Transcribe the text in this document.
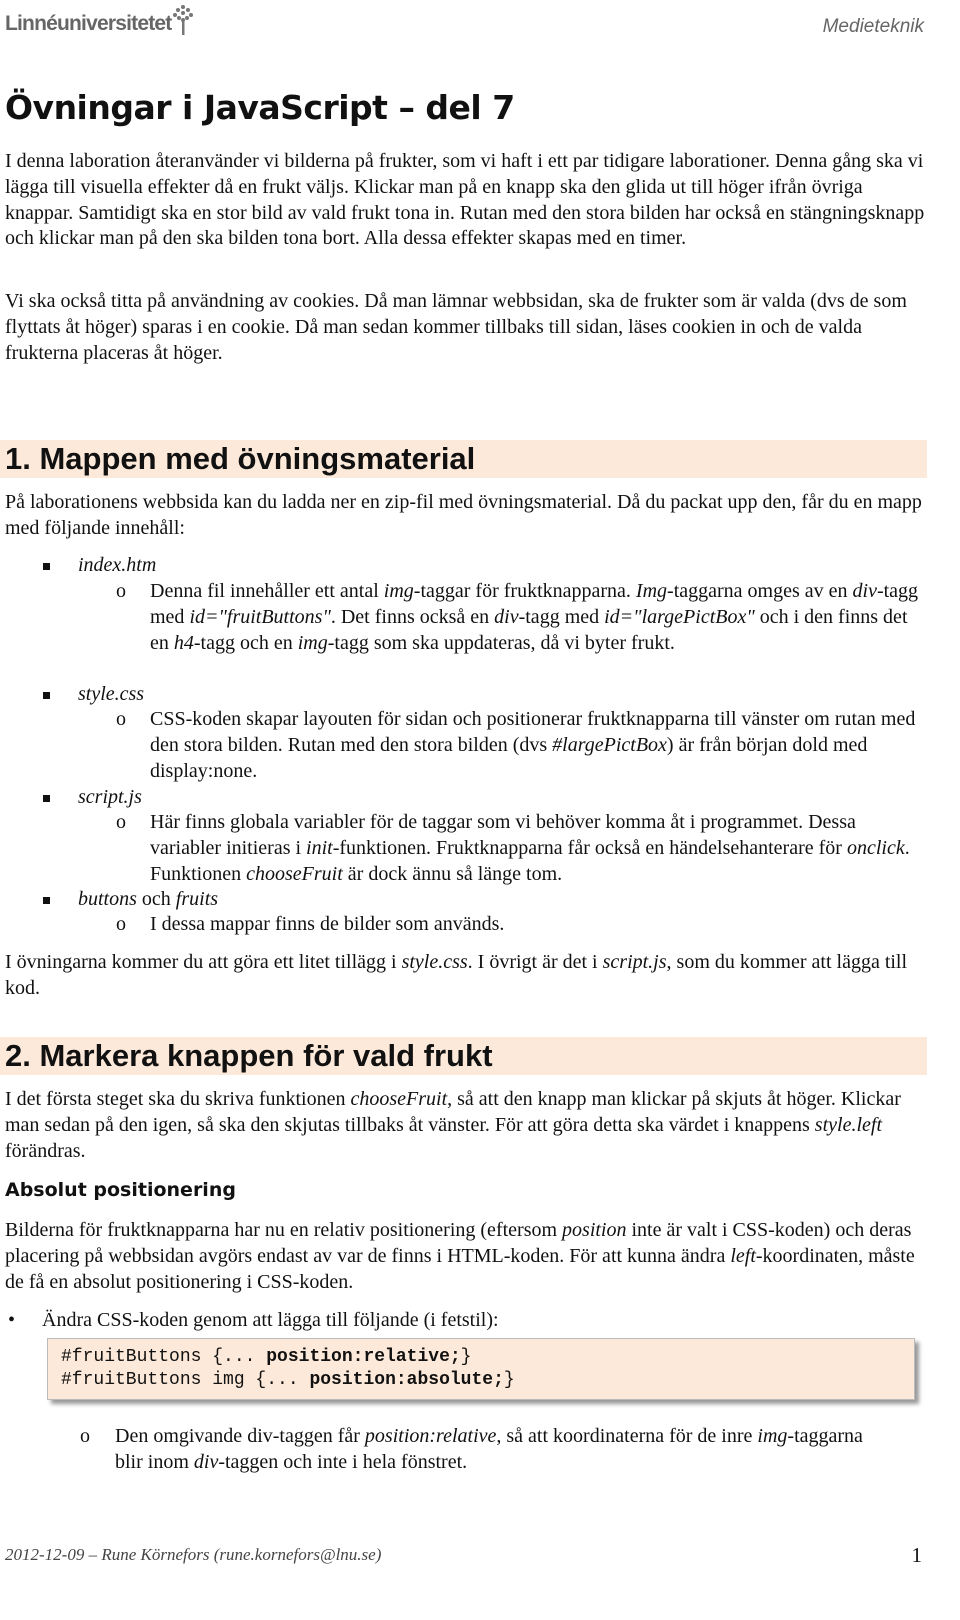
Linnéuniversitetet	Medieteknik
Övningar i JavaScript – del 7
I denna laboration återanvänder vi bilderna på frukter, som vi haft i ett par tidigare laborationer. Denna gång ska vi lägga till visuella effekter då en frukt väljs. Klickar man på en knapp ska den glida ut till höger ifrån övriga knappar. Samtidigt ska en stor bild av vald frukt tona in. Rutan med den stora bilden har också en stängningsknapp och klickar man på den ska bilden tona bort. Alla dessa effekter skapas med en timer.
Vi ska också titta på användning av cookies. Då man lämnar webbsidan, ska de frukter som är valda (dvs de som flyttats åt höger) sparas i en cookie. Då man sedan kommer tillbaks till sidan, läses cookien in och de valda frukterna placeras åt höger.
1. Mappen med övningsmaterial
På laborationens webbsida kan du ladda ner en zip-fil med övningsmaterial. Då du packat upp den, får du en mapp med följande innehåll:
index.htm
o Denna fil innehåller ett antal img-taggar för fruktknapparna. Img-taggarna omges av en div-tagg med id="fruitButtons". Det finns också en div-tagg med id="largePictBox" och i den finns det en h4-tagg och en img-tagg som ska uppdateras, då vi byter frukt.
style.css
o CSS-koden skapar layouten för sidan och positionerar fruktknapparna till vänster om rutan med den stora bilden. Rutan med den stora bilden (dvs #largePictBox) är från början dold med display:none.
script.js
o Här finns globala variabler för de taggar som vi behöver komma åt i programmet. Dessa variabler initieras i init-funktionen. Fruktknapparna får också en händelsehanterare för onclick. Funktionen chooseFruit är dock ännu så länge tom.
buttons och fruits
o I dessa mappar finns de bilder som används.
I övningarna kommer du att göra ett litet tillägg i style.css. I övrigt är det i script.js, som du kommer att lägga till kod.
2. Markera knappen för vald frukt
I det första steget ska du skriva funktionen chooseFruit, så att den knapp man klickar på skjuts åt höger. Klickar man sedan på den igen, så ska den skjutas tillbaks åt vänster. För att göra detta ska värdet i knappens style.left förändras.
Absolut positionering
Bilderna för fruktknapparna har nu en relativ positionering (eftersom position inte är valt i CSS-koden) och deras placering på webbsidan avgörs endast av var de finns i HTML-koden. För att kunna ändra left-koordinaten, måste de få en absolut positionering i CSS-koden.
• Ändra CSS-koden genom att lägga till följande (i fetstil):
#fruitButtons {... position:relative;}
#fruitButtons img {... position:absolute;}
o Den omgivande div-taggen får position:relative, så att koordinaterna för de inre img-taggarna blir inom div-taggen och inte i hela fönstret.
2012-12-09 – Rune Körnefors (rune.kornefors@lnu.se)	1
